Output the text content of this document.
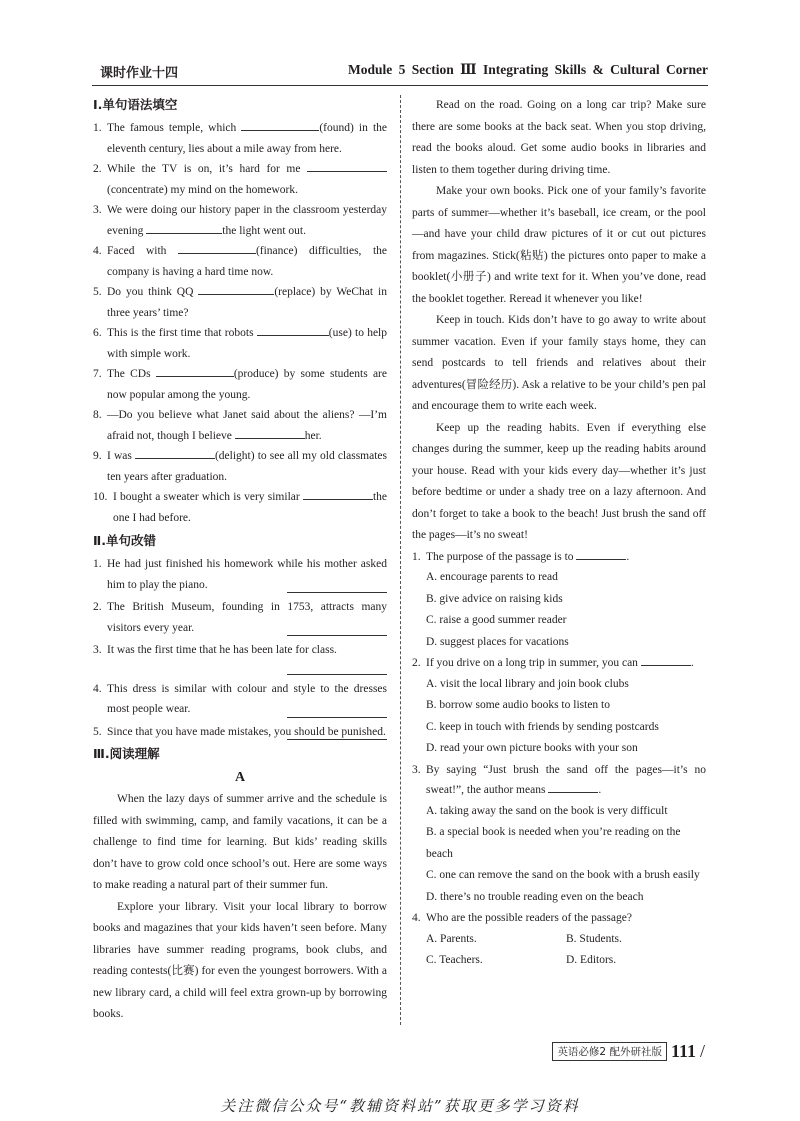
课时作业十四	Module 5 Section Ⅲ Integrating Skills & Cultural Corner
Ⅰ.单句语法填空
1. The famous temple, which	(found) in the eleventh century, lies about a mile away from here.
2. While the TV is on, it’s hard for me (concentrate) my mind on the homework.
3. We were doing our history paper in the classroom yesterday evening	the light went out.
4. Faced with	(finance) difficulties, the company is having a hard time now.
5. Do you think QQ	(replace) by WeChat in three years’ time?
6. This is the first time that robots	(use) to help with simple work.
7. The CDs	(produce) by some students are now popular among the young.
8. —Do you believe what Janet said about the aliens? —I’m afraid not, though I believe	her.
9. I was	(delight) to see all my old classmates ten years after graduation.
10. I bought a sweater which is very similar	the one I had before.
Ⅱ.单句改错
1. He had just finished his homework while his mother asked him to play the piano.
2. The British Museum, founding in 1753, attracts many visitors every year.
3. It was the first time that he has been late for class.
4. This dress is similar with colour and style to the dresses most people wear.
5. Since that you have made mistakes, you should be punished.
Ⅲ.阅读理解
A

When the lazy days of summer arrive and the schedule is filled with swimming, camp, and family vacations, it can be a challenge to find time for learning. But kids’ reading skills don’t have to grow cold once school’s out. Here are some ways to make reading a natural part of their summer fun.

Explore your library. Visit your local library to borrow books and magazines that your kids haven’t seen before. Many libraries have summer reading programs, book clubs, and reading contests(比赛) for even the youngest borrowers. With a new library card, a child will feel extra grown-up by borrowing books.

Read on the road. Going on a long car trip? Make sure there are some books at the back seat. When you stop driving, read the books aloud. Get some audio books in libraries and listen to them together during driving time.

Make your own books. Pick one of your family’s favorite parts of summer—whether it’s baseball, ice cream, or the pool—and have your child draw pictures of it or cut out pictures from magazines. Stick(粘贴) the pictures onto paper to make a booklet(小册子) and write text for it. When you’ve done, read the booklet together. Reread it whenever you like!

Keep in touch. Kids don’t have to go away to write about summer vacation. Even if your family stays home, they can send postcards to tell friends and relatives about their adventures(冒险经历). Ask a relative to be your child’s pen pal and encourage them to write each week.

Keep up the reading habits. Even if everything else changes during the summer, keep up the reading habits around your house. Read with your kids every day—whether it’s just before bedtime or under a shady tree on a lazy afternoon. And don’t forget to take a book to the beach! Just brush the sand off the pages—it’s no sweat!

1. The purpose of the passage is to	.
A. encourage parents to read
B. give advice on raising kids
C. raise a good summer reader
D. suggest places for vacations
2. If you drive on a long trip in summer, you can	.
A. visit the local library and join book clubs
B. borrow some audio books to listen to
C. keep in touch with friends by sending postcards
D. read your own picture books with your son
3. By saying “Just brush the sand off the pages—it’s no sweat!”, the author means	.
A. taking away the sand on the book is very difficult
B. a special book is needed when you’re reading on the beach
C. one can remove the sand on the book with a brush easily
D. there’s no trouble reading even on the beach
4. Who are the possible readers of the passage?
A. Parents.	B. Students.
C. Teachers.	D. Editors.
英语必修2 配外研社版 111 /
关注微信公众号“教辅资料站”获取更多学习资料
